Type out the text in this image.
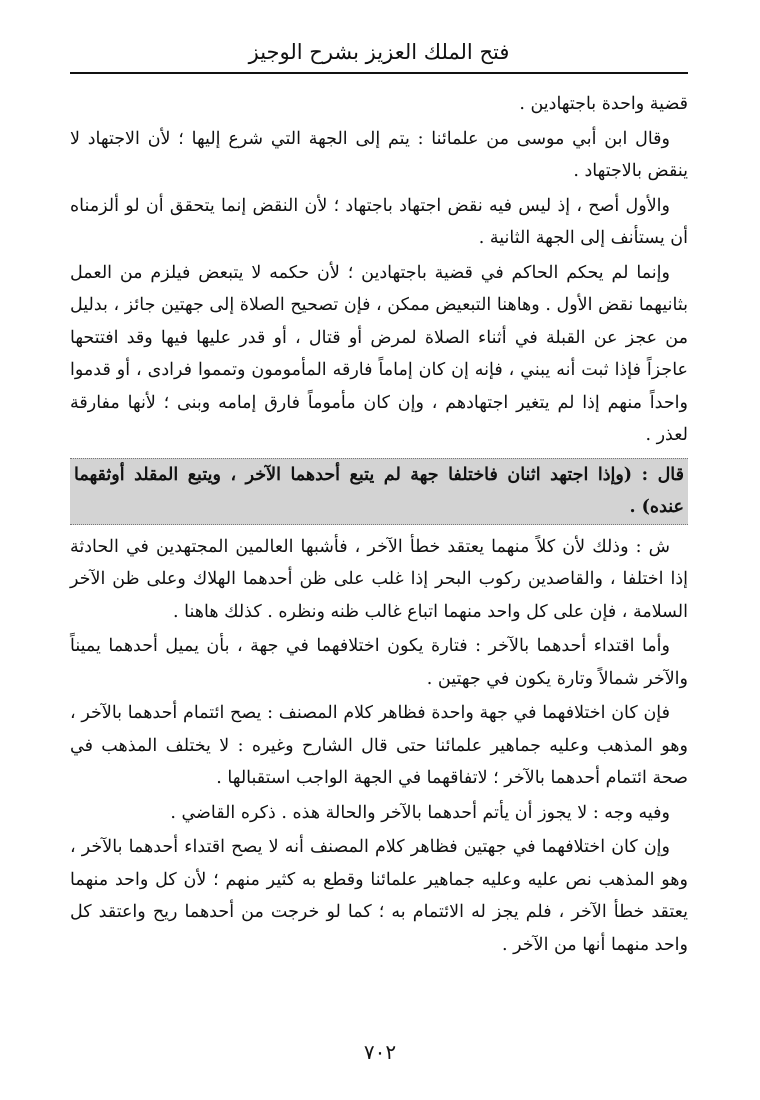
فتح الملك العزيز بشرح الوجيز

قضية واحدة باجتهادين .

وقال ابن أبي موسى من علمائنا : يتم إلى الجهة التي شرع إليها ؛ لأن الاجتهاد لا ينقض بالاجتهاد .

والأول أصح ، إذ ليس فيه نقض اجتهاد باجتهاد ؛ لأن النقض إنما يتحقق أن لو ألزمناه أن يستأنف إلى الجهة الثانية .

وإنما لم يحكم الحاكم في قضية باجتهادين ؛ لأن حكمه لا يتبعض فيلزم من العمل بثانيهما نقض الأول . وهاهنا التبعيض ممكن ، فإن تصحيح الصلاة إلى جهتين جائز ، بدليل من عجز عن القبلة في أثناء الصلاة لمرض أو قتال ، أو قدر عليها فيها وقد افتتحها عاجزاً فإذا ثبت أنه يبني ، فإنه إن كان إماماً فارقه المأمومون وتمموا فرادى ، أو قدموا واحداً منهم إذا لم يتغير اجتهادهم ، وإن كان مأموماً فارق إمامه وبنى ؛ لأنها مفارقة لعذر .

قال : (وإذا اجتهد اثنان فاختلفا جهة لم يتبع أحدهما الآخر ، ويتبع المقلد أوثقهما عنده) .

ش : وذلك لأن كلاً منهما يعتقد خطأ الآخر ، فأشبها العالمين المجتهدين في الحادثة إذا اختلفا ، والقاصدين ركوب البحر إذا غلب على ظن أحدهما الهلاك وعلى ظن الآخر السلامة ، فإن على كل واحد منهما اتباع غالب ظنه ونظره . كذلك هاهنا .

وأما اقتداء أحدهما بالآخر : فتارة يكون اختلافهما في جهة ، بأن يميل أحدهما يميناً والآخر شمالاً وتارة يكون في جهتين .

فإن كان اختلافهما في جهة واحدة فظاهر كلام المصنف : يصح ائتمام أحدهما بالآخر ، وهو المذهب وعليه جماهير علمائنا حتى قال الشارح وغيره : لا يختلف المذهب في صحة ائتمام أحدهما بالآخر ؛ لاتفاقهما في الجهة الواجب استقبالها .

وفيه وجه : لا يجوز أن يأتم أحدهما بالآخر والحالة هذه . ذكره القاضي .

وإن كان اختلافهما في جهتين فظاهر كلام المصنف أنه لا يصح اقتداء أحدهما بالآخر ، وهو المذهب نص عليه وعليه جماهير علمائنا وقطع به كثير منهم ؛ لأن كل واحد منهما يعتقد خطأ الآخر ، فلم يجز له الائتمام به ؛ كما لو خرجت من أحدهما ريح واعتقد كل واحد منهما أنها من الآخر .

٧٠٢
